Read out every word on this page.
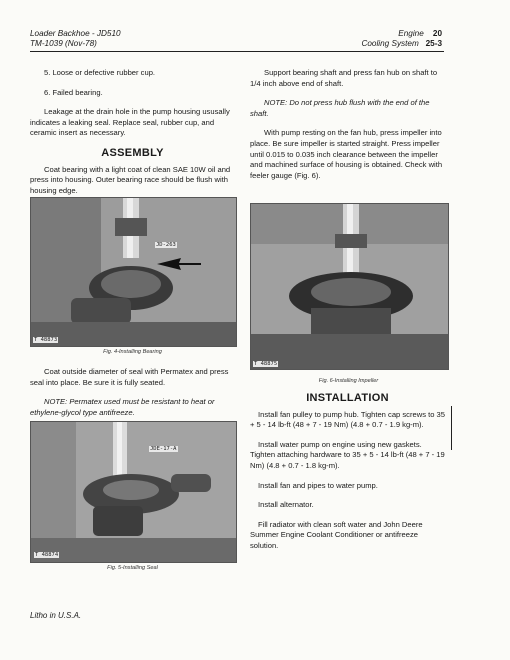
Loader Backhoe - JD510
TM-1039 (Nov-78)
Engine 20
Cooling System 25-3

5. Loose or defective rubber cup.

6. Failed bearing.

Leakage at the drain hole in the pump housing ususally indicates a leaking seal. Replace seal, rubber cup, and ceramic insert as necessary.

ASSEMBLY

Coat bearing with a light coat of clean SAE 10W oil and press into housing. Outer bearing race should be flush with housing edge.

JD-263
T 48873
Fig. 4-Installing Bearing

Coat outside diameter of seal with Permatex and press seal into place. Be sure it is fully seated.

NOTE: Permatex used must be resistant to heat or ethylene-glycol type antifreeze.

JDE-17-A
T 48874
Fig. 5-Installing Seal

Support bearing shaft and press fan hub on shaft to 1/4 inch above end of shaft.

NOTE: Do not press hub flush with the end of the shaft.

With pump resting on the fan hub, press impeller into place. Be sure impeller is started straight. Press impeller until 0.015 to 0.035 inch clearance between the impeller and machined surface of housing is obtained. Check with feeler gauge (Fig. 6).

T 48875
Fig. 6-Installing Impeller
INSTALLATION

Install fan pulley to pump hub. Tighten cap screws to 35 + 5 - 14 lb-ft (48 + 7 - 19 Nm) (4.8 + 0.7 - 1.9 kg-m).

Install water pump on engine using new gaskets. Tighten attaching hardware to 35 + 5 - 14 lb-ft (48 + 7 - 19 Nm) (4.8 + 0.7 - 1.8 kg-m).

Install fan and pipes to water pump.

Install alternator.

Fill radiator with clean soft water and John Deere Summer Engine Coolant Conditioner or antifreeze solution.

Litho in U.S.A.
